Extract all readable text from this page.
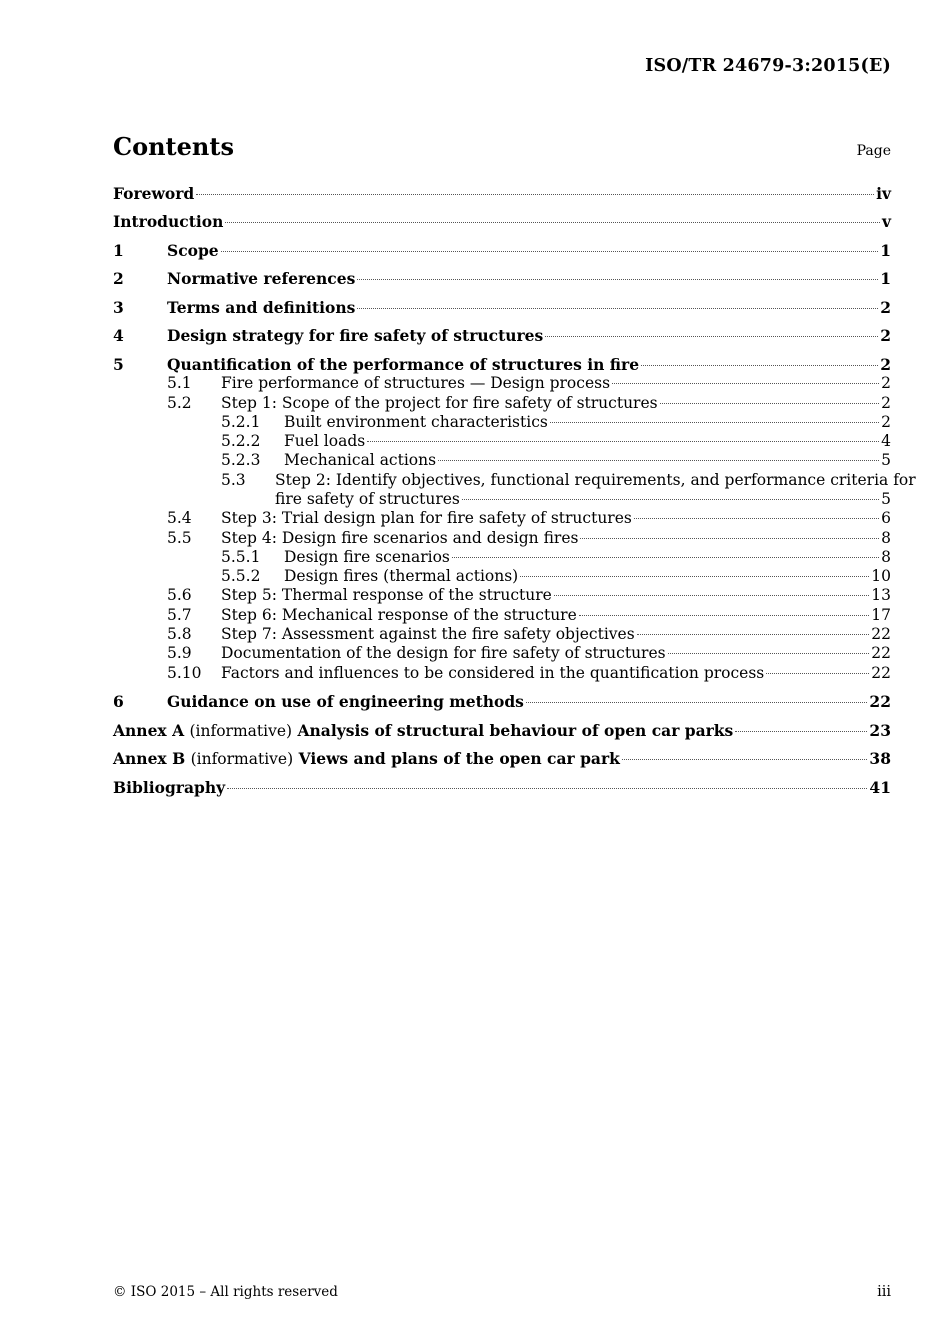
ISO/TR 24679-3:2015(E)
Contents	Page
Foreword	iv
Introduction	v
1	Scope	1
2	Normative references	1
3	Terms and definitions	2
4	Design strategy for fire safety of structures	2
5	Quantification of the performance of structures in fire	2
5.1	Fire performance of structures — Design process	2
5.2	Step 1: Scope of the project for fire safety of structures	2
5.2.1	Built environment characteristics	2
5.2.2	Fuel loads	4
5.2.3	Mechanical actions	5
5.3 Step 2: Identify objectives, functional requirements, and performance criteria for
fire safety of structures	5
5.4	Step 3: Trial design plan for fire safety of structures	6
5.5	Step 4: Design fire scenarios and design fires	8
5.5.1	Design fire scenarios	8
5.5.2	Design fires (thermal actions)	10
5.6	Step 5: Thermal response of the structure	13
5.7	Step 6: Mechanical response of the structure	17
5.8	Step 7: Assessment against the fire safety objectives	22
5.9	Documentation of the design for fire safety of structures	22
5.10	Factors and influences to be considered in the quantification process	22
6	Guidance on use of engineering methods	22
Annex A (informative) Analysis of structural behaviour of open car parks	23
Annex B (informative) Views and plans of the open car park	38
Bibliography	41
© ISO 2015 – All rights reserved	iii
